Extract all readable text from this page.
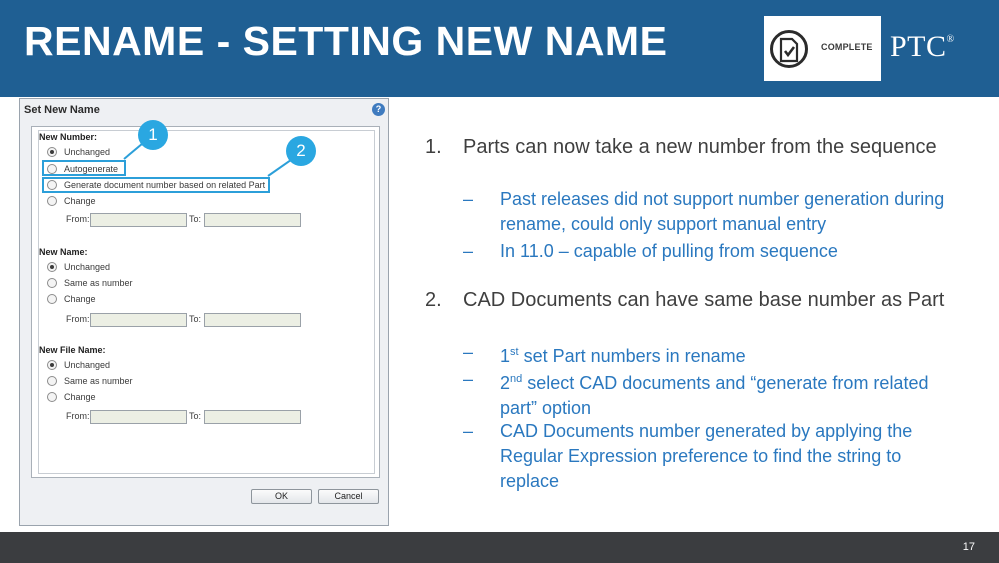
RENAME - SETTING NEW NAME	COMPLETE PTC®
Set New Name	?
New Number:
Unchanged
Autogenerate
Generate document number based on related Part
Change
From:	To:
New Name:
Unchanged
Same as number
Change
From:	To:
New File Name:
Unchanged
Same as number
Change
From:	To:
OK	Cancel
1
2	1. Parts can now take a new number from the sequence
– Past releases did not support number generation during rename, could only support manual entry
– In 11.0 – capable of pulling from sequence
2. CAD Documents can have same base number as Part
– 1st set Part numbers in rename
– 2nd select CAD documents and “generate from related part” option
– CAD Documents number generated by applying the Regular Expression preference to find the string to replace
17
